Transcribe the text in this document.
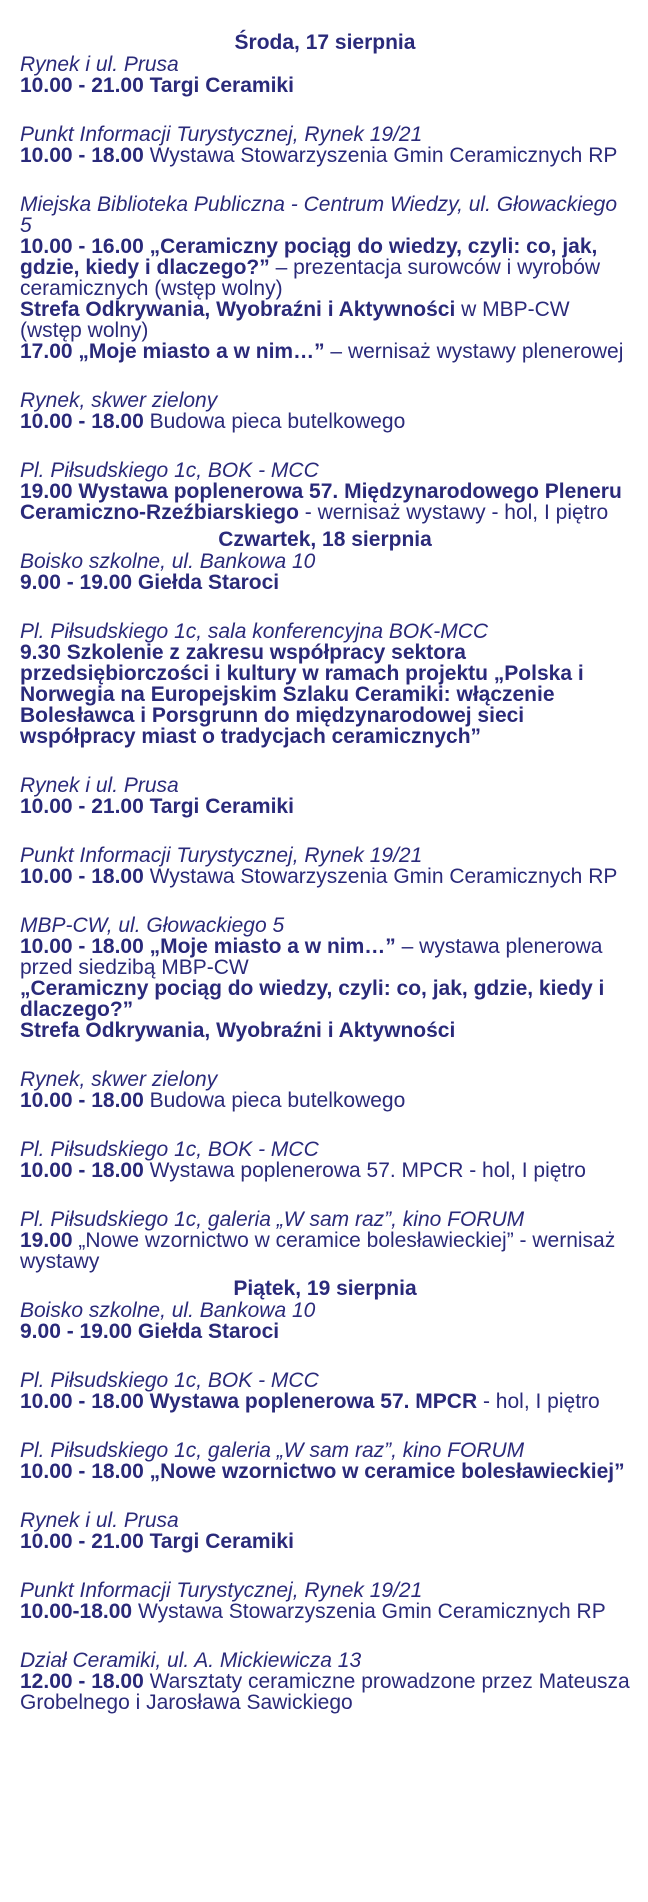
Środa, 17 sierpnia
Rynek i ul. Prusa
10.00 - 21.00 Targi Ceramiki
Punkt Informacji Turystycznej, Rynek 19/21
10.00 - 18.00 Wystawa Stowarzyszenia Gmin Ceramicznych RP
Miejska Biblioteka Publiczna - Centrum Wiedzy, ul. Głowackiego 5
10.00 - 16.00 „Ceramiczny pociąg do wiedzy, czyli: co, jak, gdzie, kiedy i dlaczego?” – prezentacja surowców i wyrobów ceramicznych (wstęp wolny)
Strefa Odkrywania, Wyobraźni i Aktywności w MBP-CW (wstęp wolny)
17.00 „Moje miasto a w nim…” – wernisaż wystawy plenerowej
Rynek, skwer zielony
10.00 - 18.00 Budowa pieca butelkowego
Pl. Piłsudskiego 1c, BOK - MCC
19.00 Wystawa poplenerowa 57. Międzynarodowego Pleneru Ceramiczno-Rzeźbiarskiego - wernisaż wystawy - hol, I piętro
Czwartek, 18 sierpnia
Boisko szkolne, ul. Bankowa 10
9.00 - 19.00 Giełda Staroci
Pl. Piłsudskiego 1c, sala konferencyjna BOK-MCC
9.30 Szkolenie z zakresu współpracy sektora przedsiębiorczości i kultury w ramach projektu „Polska i Norwegia na Europejskim Szlaku Ceramiki: włączenie Bolesławca i Porsgrunn do międzynarodowej sieci współpracy miast o tradycjach ceramicznych”
Rynek i ul. Prusa
10.00 - 21.00 Targi Ceramiki
Punkt Informacji Turystycznej, Rynek 19/21
10.00 - 18.00 Wystawa Stowarzyszenia Gmin Ceramicznych RP
MBP-CW, ul. Głowackiego 5
10.00 - 18.00 „Moje miasto a w nim…” – wystawa plenerowa przed siedzibą MBP-CW
„Ceramiczny pociąg do wiedzy, czyli: co, jak, gdzie, kiedy i dlaczego?”
Strefa Odkrywania, Wyobraźni i Aktywności
Rynek, skwer zielony
10.00 - 18.00 Budowa pieca butelkowego
Pl. Piłsudskiego 1c, BOK - MCC
10.00 - 18.00 Wystawa poplenerowa 57. MPCR - hol, I piętro
Pl. Piłsudskiego 1c, galeria „W sam raz”, kino FORUM
19.00 „Nowe wzornictwo w ceramice bolesławieckiej” - wernisaż wystawy
Piątek, 19 sierpnia
Boisko szkolne, ul. Bankowa 10
9.00 - 19.00 Giełda Staroci
Pl. Piłsudskiego 1c, BOK - MCC
10.00 - 18.00 Wystawa poplenerowa 57. MPCR - hol, I piętro
Pl. Piłsudskiego 1c, galeria „W sam raz”, kino FORUM
10.00 - 18.00 „Nowe wzornictwo w ceramice bolesławieckiej”
Rynek i ul. Prusa
10.00 - 21.00 Targi Ceramiki
Punkt Informacji Turystycznej, Rynek 19/21
10.00-18.00 Wystawa Stowarzyszenia Gmin Ceramicznych RP
Dział Ceramiki, ul. A. Mickiewicza 13
12.00 - 18.00 Warsztaty ceramiczne prowadzone przez Mateusza Grobelnego i Jarosława Sawickiego
